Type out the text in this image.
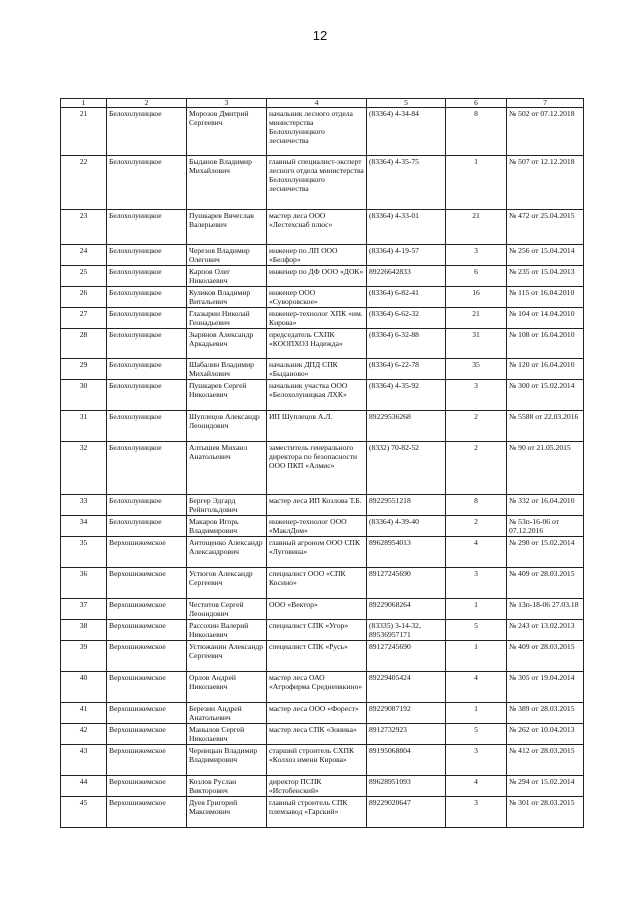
12
1	2	3	4	5	6	7
21	Белохолуницкое	Морозов Дмитрий Сергеевич	начальник лесного отдела министерства Белохолуницкого лесничества	(83364) 4-34-84	8	№ 502 от 07.12.2018
22	Белохолуницкое	Быданов Владимир Михайлович	главный специалист-эксперт лесного отдела министерства Белохолуницкого лесничества	(83364) 4-35-75	1	№ 507 от 12.12.2018
23	Белохолуницкое	Пушкарев Вячеслав Валерьевич	мастер леса ООО «Лестехснаб плюс»	(83364) 4-33-01	21	№ 472 от 25.04.2015
24	Белохолуницкое	Черезов Владимир Олегович	инженер по ЛП ООО «Белфор»	(83364) 4-19-57	3	№ 256 от 15.04.2014
25	Белохолуницкое	Карпов Олег Николаевич	инженер по ДФ ООО «ДОК»	89226642833	6	№ 235 от 15.04.2013
26	Белохолуницкое	Куликов Владимир Витальевич	инженер ООО «Суворовское»	(83364) 6-82-41	16	№ 115 от 16.04.2010
27	Белохолуницкое	Глазырин Николай Геннадьевич	инженер-технолог ХПК «им. Кирова»	(83364) 6-62-32	21	№ 104 от 14.04.2010
28	Белохолуницкое	Зырянов Александр Аркадьевич	председатель СХПК «КООПХОЗ Надежда»	(83364) 6-32-88	31	№ 108 от 16.04.2010
29	Белохолуницкое	Шабалин Владимир Михайлович	начальник ДПД СПК «Быданово»	(83364) 6-22-78	35	№ 120 от 16.04.2010
30	Белохолуницкое	Пушкарев Сергей Николаевич	начальник участка ООО «Белохолуницкая ЛХК»	(83364) 4-35-92	3	№ 300 от 15.02.2014
31	Белохолуницкое	Шуплецов Александр Леонидович	ИП Шуплецов А.Л.	89229536268	2	№ 5588 от 22.03.2016
32	Белохолуницкое	Алтышев Михаил Анатольевич	заместитель генерального директора по безопасности ООО ПКП «Алмис»	(8332) 70-82-52	2	№ 90 от 21.05.2015
33	Белохолуницкое	Бергер Эдгард Рейнгольдович	мастер леса ИП Козлова Т.Б.	89229551218	8	№ 332 от 16.04.2010
34	Белохолуницкое	Макаров Игорь Владимирович	инженер-технолог ООО «МаклДом»	(83364) 4-39-40	2	№ 53п-16-06 от 07.12.2016
35	Верхошижемское	Антощенко Александр Александрович	главный агроном ООО СПК «Луговина»	89628954013	4	№ 290 от 15.02.2014
36	Верхошижемское	Устюгов Александр Сергеевич	специалист ООО «СПК Косино»	89127245690	3	№ 409 от 28.03.2015
37	Верхошижемское	Честитов Сергей Леонидович	ООО «Вектор»	89229068264	1	№ 13п-18-06 27.03.18
38	Верхошижемское	Рассохин Валерий Николаевич	специалист СПК «Угор»	(83335) 3-14-32, 89536957171	5	№ 243 от 13.02.2013
39	Верхошижемское	Устюжанин Александр Сергеевич	специалист СПК «Русь»	89127245690	1	№ 409 от 28.03.2015
40	Верхошижемское	Орлов Андрей Николаевич	мастер леса ОАО «Агрофирма Среднеивкино»	89229405424	4	№ 305 от 19.04.2014
41	Верхошижемское	Березин Андрей Анатольевич	мастер леса ООО «Форест»	89229087192	1	№ 389 от 28.03.2015
42	Верхошижемское	Манылов Сергей Николаевич	мастер леса СПК «Зоника»	8912732923	5	№ 262 от 10.04.2013
43	Верхошижемское	Черницын Владимир Владимирович	старший строитель СХПК «Колхоз имени Кирова»	89195068804	3	№ 412 от 28.03.2015
44	Верхошижемское	Козлов Руслан Викторович	директор ПСПК «Истобенский»	89628951093	4	№ 294 от 15.02.2014
45	Верхошижемское	Дуев Григорий Максимович	главный строитель СПК племзавод «Гарский»	89229020647	3	№ 301 от 28.03.2015
